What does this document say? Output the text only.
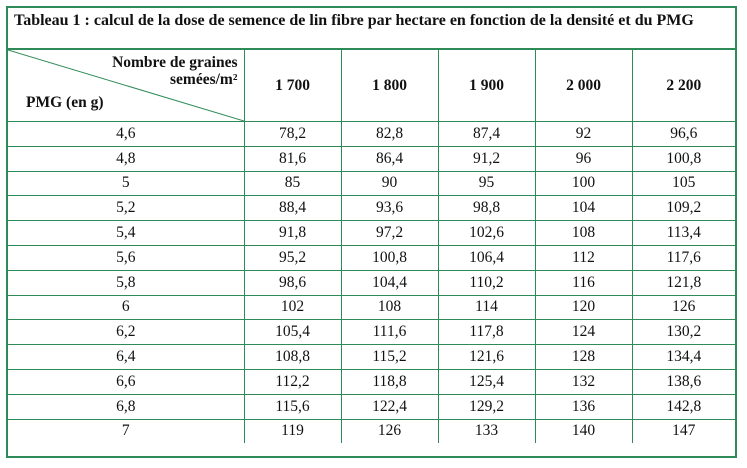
Tableau 1 : calcul de la dose de semence de lin fibre par hectare en fonction de la densité et du PMG
Nombre de graines
semées/m²
PMG (en g)	1 700	1 800	1 900	2 000	2 200
4,6	78,2	82,8	87,4	92	96,6
4,8	81,6	86,4	91,2	96	100,8
5	85	90	95	100	105
5,2	88,4	93,6	98,8	104	109,2
5,4	91,8	97,2	102,6	108	113,4
5,6	95,2	100,8	106,4	112	117,6
5,8	98,6	104,4	110,2	116	121,8
6	102	108	114	120	126
6,2	105,4	111,6	117,8	124	130,2
6,4	108,8	115,2	121,6	128	134,4
6,6	112,2	118,8	125,4	132	138,6
6,8	115,6	122,4	129,2	136	142,8
7	119	126	133	140	147
